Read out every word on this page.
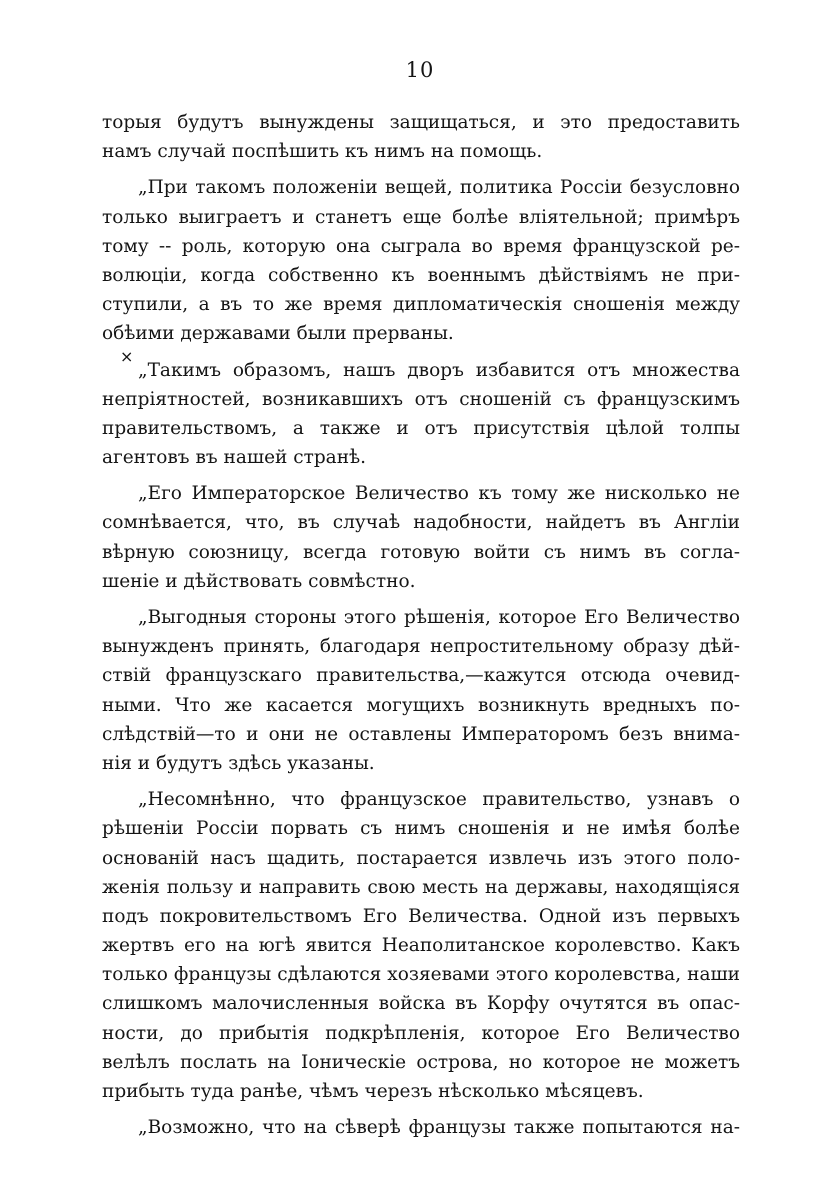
10
×
торыя будутъ вынуждены защищаться, и это предоставить
намъ случай поспѣшить къ нимъ на помощь.
„При такомъ положеніи вещей, политика Россіи безусловно
только выиграетъ и станетъ еще болѣе вліятельной; примѣръ
тому -- роль, которую она сыграла во время французской ре-
волюціи, когда собственно къ военнымъ дѣйствіямъ не при-
ступили, а въ то же время дипломатическія сношенія между
обѣими державами были прерваны.
„Такимъ образомъ, нашъ дворъ избавится отъ множества
непріятностей, возникавшихъ отъ сношеній съ французскимъ
правительствомъ, а также и отъ присутствія цѣлой толпы
агентовъ въ нашей странѣ.
„Его Императорское Величество къ тому же нисколько не
сомнѣвается, что, въ случаѣ надобности, найдетъ въ Англіи
вѣрную союзницу, всегда готовую войти съ нимъ въ согла-
шеніе и дѣйствовать совмѣстно.
„Выгодныя стороны этого рѣшенія, которое Его Величество
вынужденъ принять, благодаря непростительному образу дѣй-
ствій французскаго правительства,—кажутся отсюда очевид-
ными. Что же касается могущихъ возникнуть вредныхъ по-
слѣдствій—то и они не оставлены Императоромъ безъ внима-
нія и будутъ здѣсь указаны.
„Несомнѣнно, что французское правительство, узнавъ о
рѣшеніи Россіи порвать съ нимъ сношенія и не имѣя болѣе
основаній насъ щадить, постарается извлечь изъ этого поло-
женія пользу и направить свою месть на державы, находящіяся
подъ покровительствомъ Его Величества. Одной изъ первыхъ
жертвъ его на югѣ явится Неаполитанское королевство. Какъ
только французы сдѣлаются хозяевами этого королевства, наши
слишкомъ малочисленныя войска въ Корфу очутятся въ опас-
ности, до прибытія подкрѣпленія, которое Его Величество
велѣлъ послать на Іоническіе острова, но которое не можетъ
прибыть туда ранѣе, чѣмъ черезъ нѣсколько мѣсяцевъ.
„Возможно, что на сѣверѣ французы также попытаются на-
